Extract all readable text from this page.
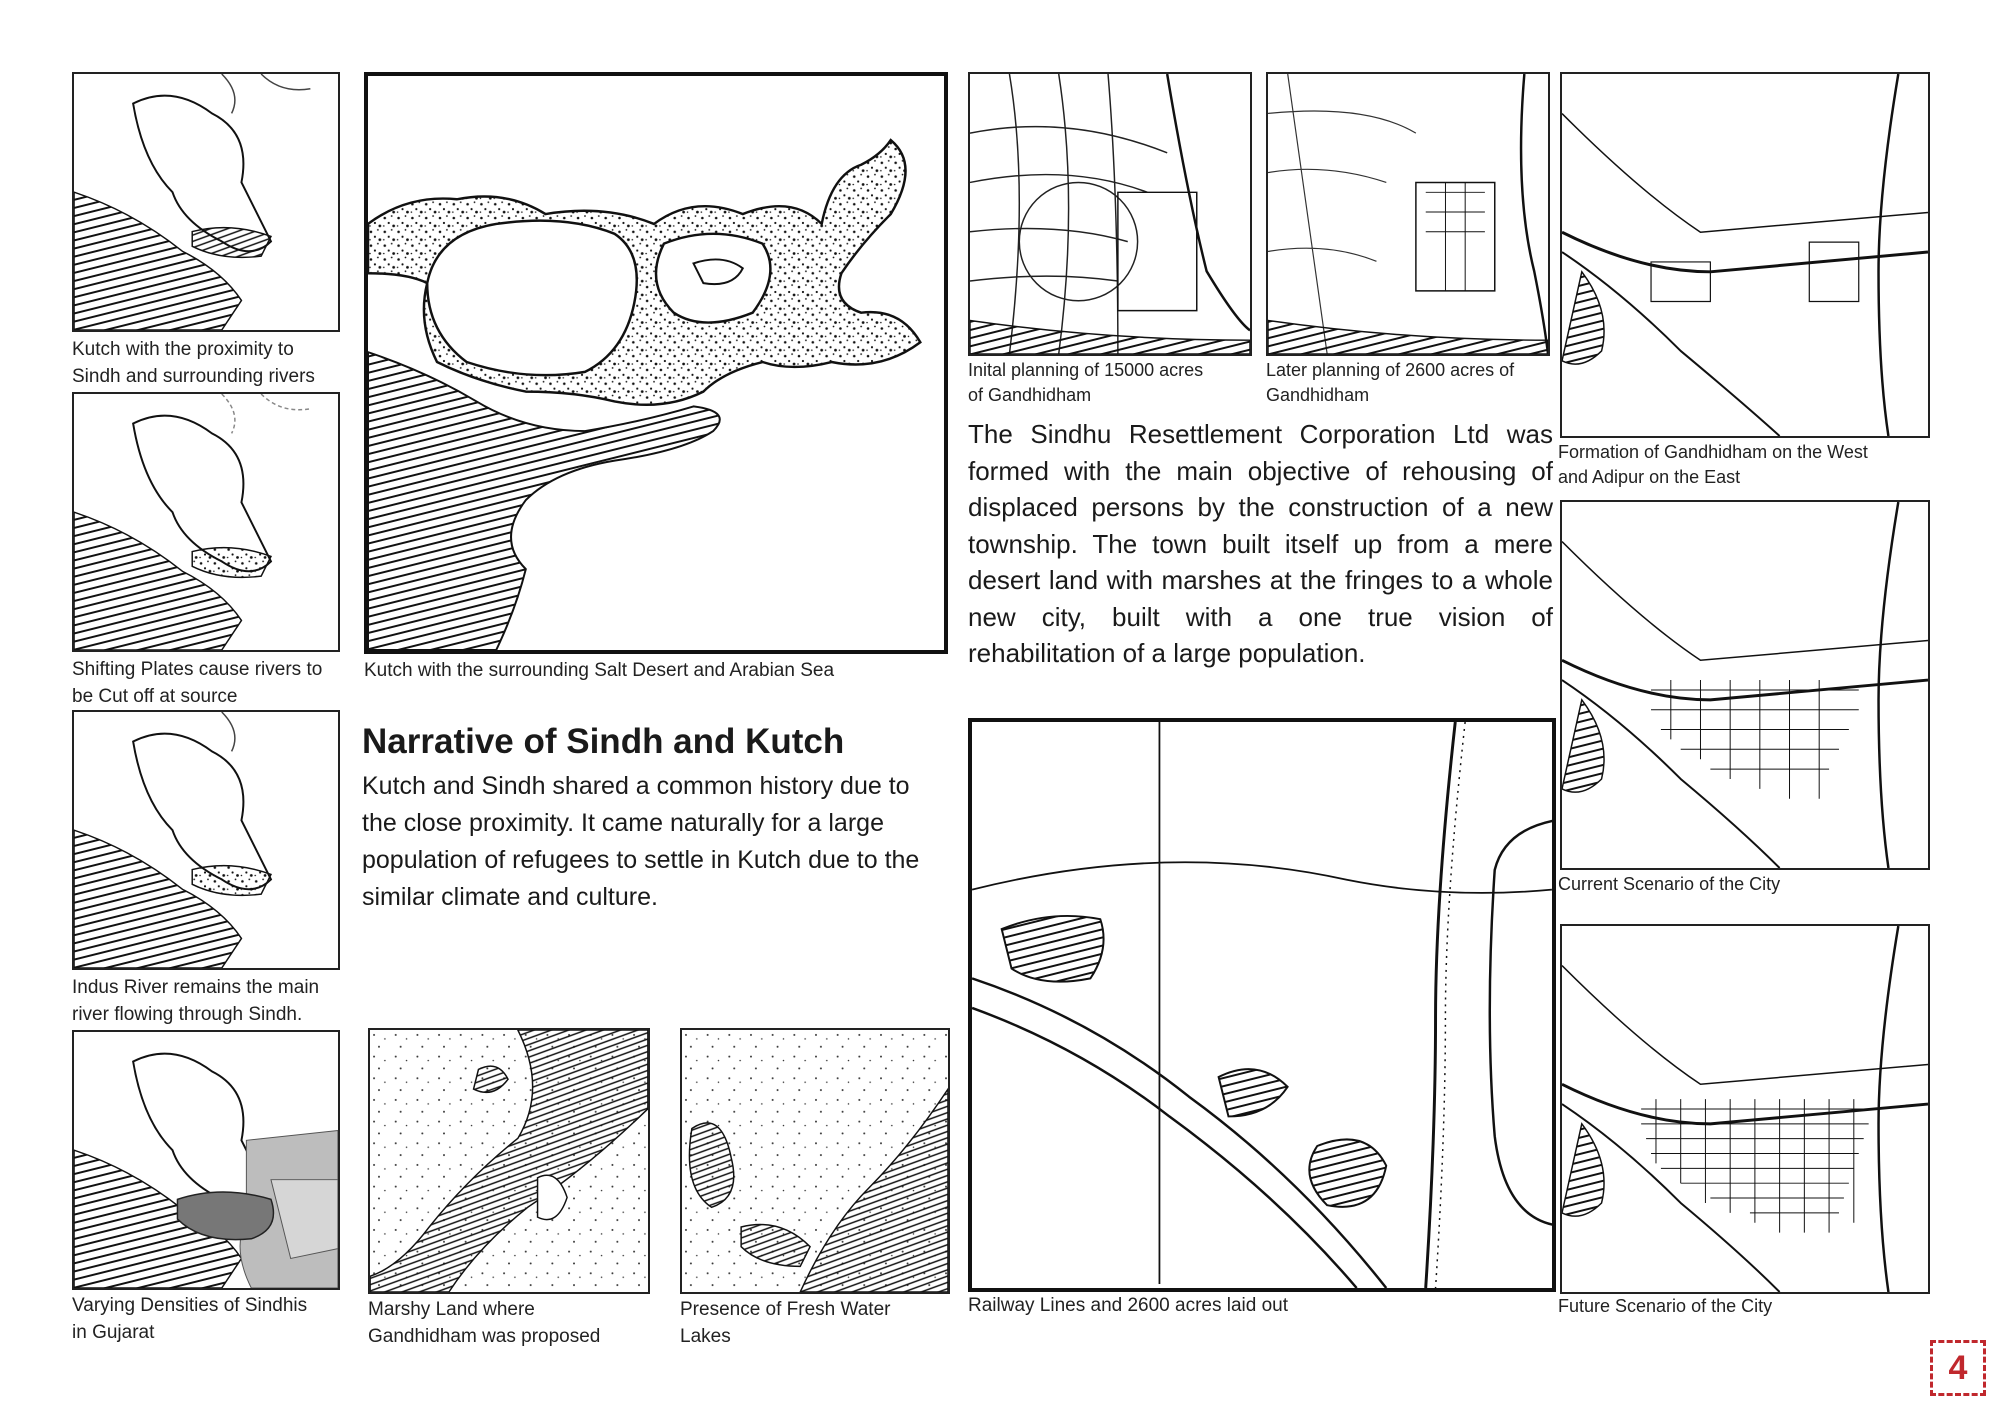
Kutch with the proximity to
Sindh and surrounding rivers
Shifting Plates cause rivers to
be Cut off at source
Indus River remains the main
river flowing through Sindh.
Varying Densities of Sindhis
in Gujarat
Kutch with the surrounding Salt Desert and Arabian Sea
Narrative of Sindh and Kutch

Kutch and Sindh shared a common history due to the close proximity. It came naturally for a large population of refugees to settle in Kutch due to the similar climate and culture.

Marshy Land where
Gandhidham was proposed
Presence of Fresh Water
Lakes
Inital planning of 15000 acres
of Gandhidham
Later planning of 2600 acres of
Gandhidham

The Sindhu Resettlement Corporation Ltd was formed with the main objective of rehousing of displaced persons by the construction of a new township. The town built itself up from a mere desert land with marshes at the fringes to a whole new city, built with a one true vision of rehabilitation of a large population.

Railway Lines and 2600 acres laid out
Formation of Gandhidham on the West
and Adipur on the East
Current Scenario of the City
Future Scenario of the City
4
